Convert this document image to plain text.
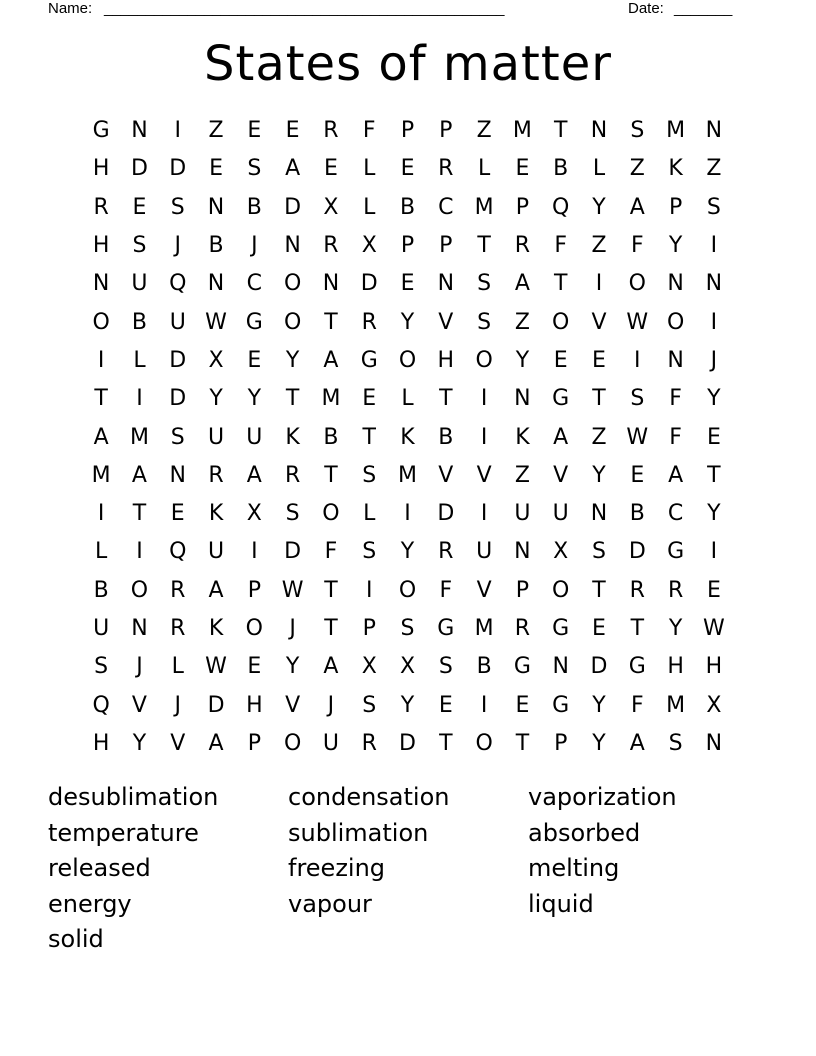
Name: ________________________________________________	Date: _______
States of matter
G N	I	Z	E	E	R	F	P	P	Z M	T	N	S M N
H D D	E	S	A	E	L	E	R	L	E	B	L	Z	K	Z
R	E	S	N	B	D	X	L	B	C M	P	Q	Y	A	P	S
H	S	J	B	J	N	R	X	P	P	T	R	F	Z	F	Y	I
N	U Q N	C O N D	E	N	S	A	T	I	O N N
O	B	U W G O	T	R	Y	V	S	Z	O	V W O	I
I	L	D	X	E	Y	A	G O H O	Y	E	E	I	N	J
T	I	D	Y	Y	T	M E	L	T	I	N G	T	S	F	Y
A M S	U	U	K	B	T	K	B	I	K	A	Z W F	E
M A	N	R	A	R	T	S M V	V	Z	V	Y	E	A	T
I	T	E	K	X	S	O	L	I	D	I	U	U	N	B	C	Y
L	I	Q U	I	D	F	S	Y	R	U	N	X	S	D G	I
B	O R	A	P W T	I	O	F	V	P	O	T	R	R	E
U	N	R	K	O	J	T	P	S	G M R	G	E	T	Y W
S	J	L W E	Y	A	X	X	S	B	G N D G H H
Q	V	J	D H	V	J	S	Y	E	I	E	G	Y	F	M X
H	Y	V	A	P	O U	R	D	T	O	T	P	Y	A	S	N
desublimation	condensation	vaporization
temperature	sublimation	absorbed
released	freezing	melting
energy	vapour	liquid
solid
